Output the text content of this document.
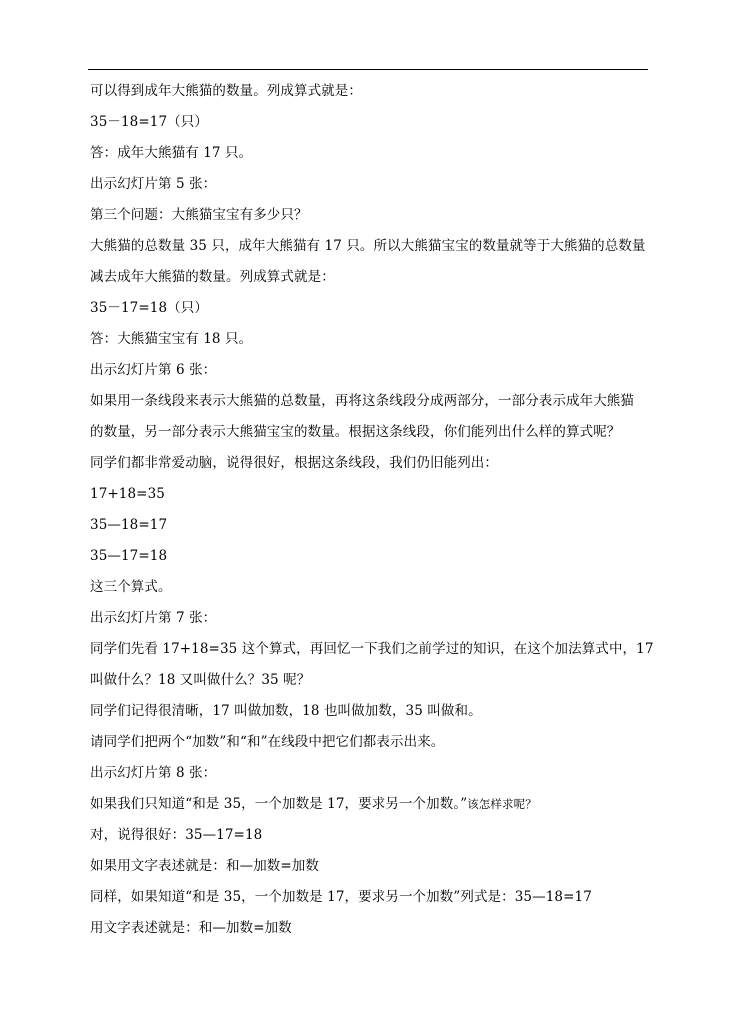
可以得到成年大熊猫的数量。列成算式就是：
35－18=17（只）
答：成年大熊猫有 17 只。
出示幻灯片第 5 张：
第三个问题：大熊猫宝宝有多少只？
大熊猫的总数量 35 只，成年大熊猫有 17 只。所以大熊猫宝宝的数量就等于大熊猫的总数量
减去成年大熊猫的数量。列成算式就是：
35－17=18（只）
答：大熊猫宝宝有 18 只。
出示幻灯片第 6 张：
如果用一条线段来表示大熊猫的总数量，再将这条线段分成两部分，一部分表示成年大熊猫
的数量，另一部分表示大熊猫宝宝的数量。根据这条线段，你们能列出什么样的算式呢？
同学们都非常爱动脑，说得很好，根据这条线段，我们仍旧能列出：
17+18=35
35—18=17
35—17=18
这三个算式。
出示幻灯片第 7 张：
同学们先看 17+18=35 这个算式，再回忆一下我们之前学过的知识，在这个加法算式中，17
叫做什么？18 又叫做什么？35 呢？
同学们记得很清晰，17 叫做加数，18 也叫做加数，35 叫做和。
请同学们把两个“加数”和“和”在线段中把它们都表示出来。
出示幻灯片第 8 张：
如果我们只知道“和是 35，一个加数是 17，要求另一个加数。”该怎样求呢？
对，说得很好：35—17=18
如果用文字表述就是：和—加数=加数
同样，如果知道“和是 35，一个加数是 17，要求另一个加数”列式是：35—18=17
用文字表述就是：和—加数=加数
